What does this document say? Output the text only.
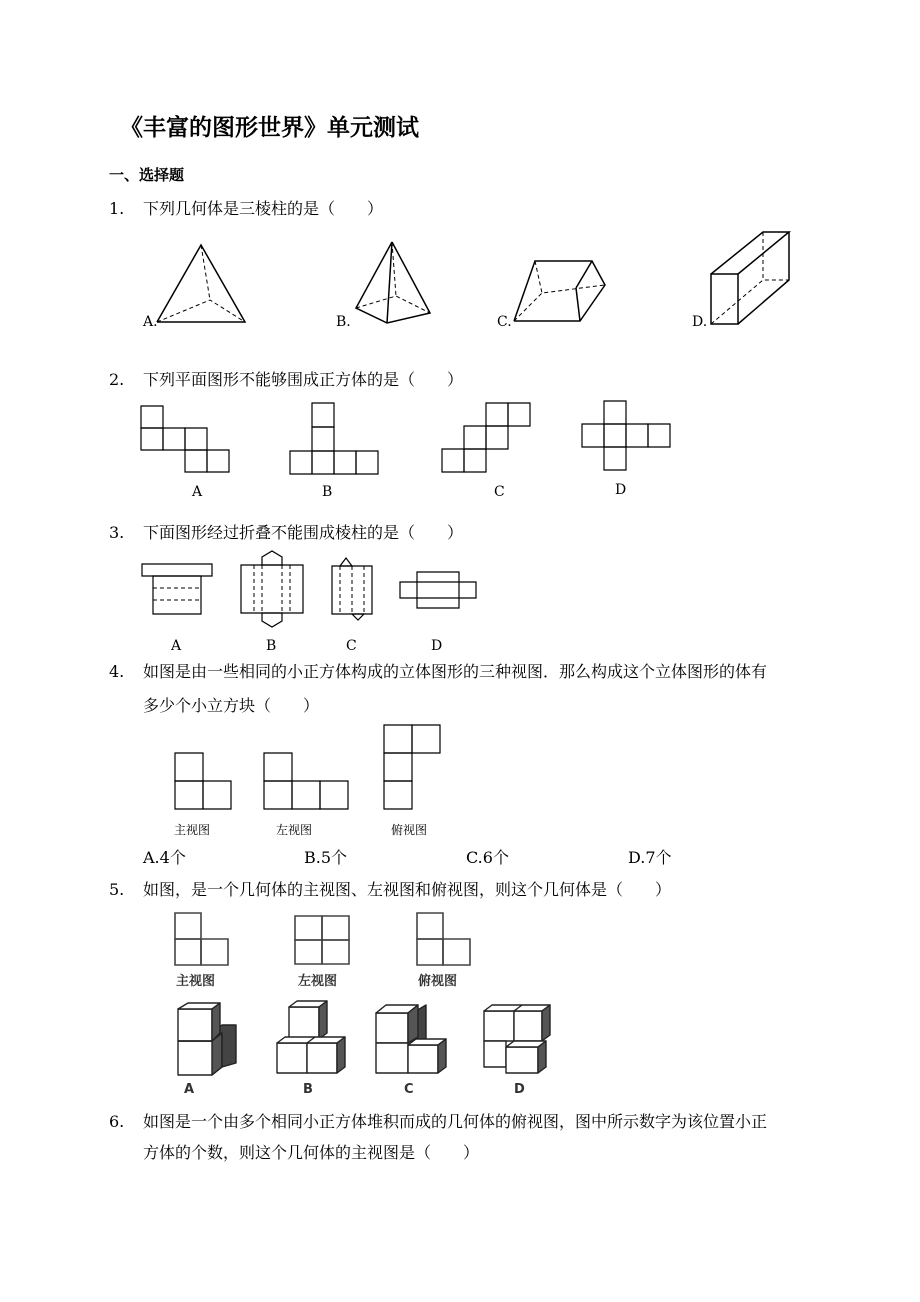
《丰富的图形世界》单元测试
一、选择题
1. 下列几何体是三棱柱的是（　　）
A.	B.	C.	D.
2. 下列平面图形不能够围成正方体的是（　　）
A	B	C	D
3. 下面图形经过折叠不能围成棱柱的是（　　）
A	B	C	D
4. 如图是由一些相同的小正方体构成的立体图形的三种视图．那么构成这个立体图形的体有
多少个小立方块（　　）
主视图	左视图	俯视图
A.4个	B.5个	C.6个	D.7个
5. 如图，是一个几何体的主视图、左视图和俯视图，则这个几何体是（　　）
主视图	左视图	俯视图
A	B	C	D
6. 如图是一个由多个相同小正方体堆积而成的几何体的俯视图，图中所示数字为该位置小正
方体的个数，则这个几何体的主视图是（　　）
